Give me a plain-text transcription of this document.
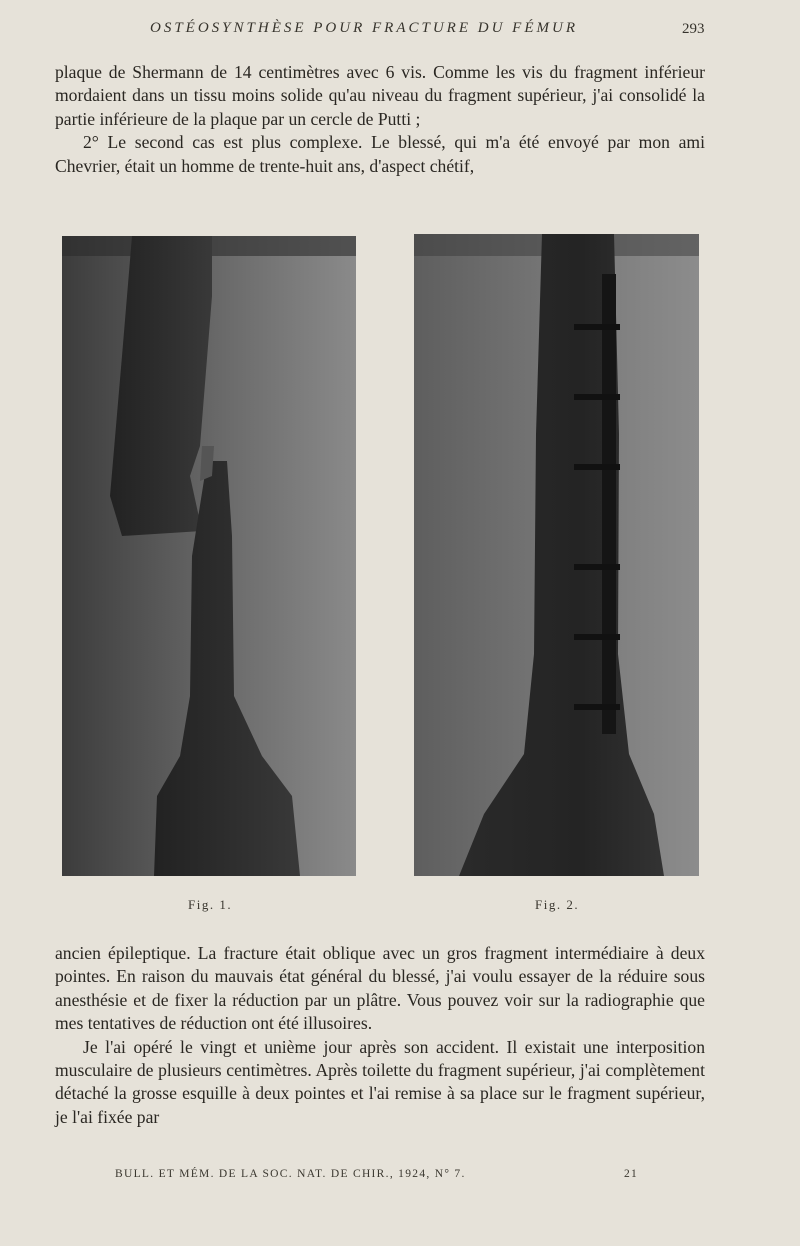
OSTÉOSYNTHÈSE POUR FRACTURE DU FÉMUR	293

plaque de Shermann de 14 centimètres avec 6 vis. Comme les vis du fragment inférieur mordaient dans un tissu moins solide qu'au niveau du fragment supérieur, j'ai consolidé la partie inférieure de la plaque par un cercle de Putti ;

2° Le second cas est plus complexe. Le blessé, qui m'a été envoyé par mon ami Chevrier, était un homme de trente-huit ans, d'aspect chétif,

Fig. 1.	Fig. 2.

ancien épileptique. La fracture était oblique avec un gros fragment intermédiaire à deux pointes. En raison du mauvais état général du blessé, j'ai voulu essayer de la réduire sous anesthésie et de fixer la réduction par un plâtre. Vous pouvez voir sur la radiographie que mes tentatives de réduction ont été illusoires.

Je l'ai opéré le vingt et unième jour après son accident. Il existait une interposition musculaire de plusieurs centimètres. Après toilette du fragment supérieur, j'ai complètement détaché la grosse esquille à deux pointes et l'ai remise à sa place sur le fragment supérieur, je l'ai fixée par

BULL. ET MÉM. DE LA SOC. NAT. DE CHIR., 1924, N° 7.	21
